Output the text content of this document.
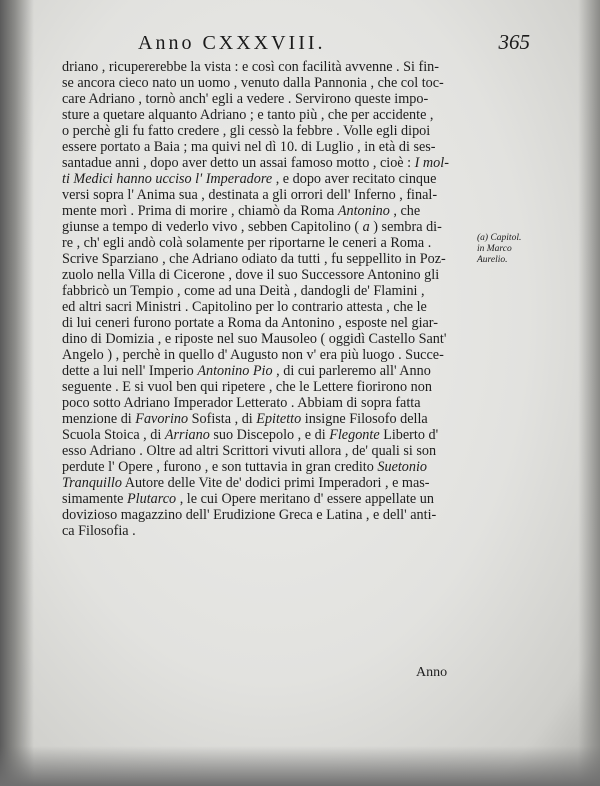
Anno CXXXVIII.	365
driano , ricupererebbe la vista : e così con facilità avvenne . Si fin-
se ancora cieco nato un uomo , venuto dalla Pannonia , che col toc-
care Adriano , tornò anch' egli a vedere . Servirono queste impo-
sture a quetare alquanto Adriano ; e tanto più , che per accidente ,
o perchè gli fu fatto credere , gli cessò la febbre . Volle egli dipoi
essere portato a Baia ; ma quivi nel dì 10. di Luglio , in età di ses-
santadue anni , dopo aver detto un assai famoso motto , cioè : I mol-
ti Medici hanno ucciso l' Imperadore , e dopo aver recitato cinque
versi sopra l' Anima sua , destinata a gli orrori dell' Inferno , final-
mente morì . Prima di morire , chiamò da Roma Antonino , che
giunse a tempo di vederlo vivo , sebben Capitolino ( a ) sembra di-
re , ch' egli andò colà solamente per riportarne le ceneri a Roma .
Scrive Sparziano , che Adriano odiato da tutti , fu seppellito in Poz-
zuolo nella Villa di Cicerone , dove il suo Successore Antonino gli
fabbricò un Tempio , come ad una Deità , dandogli de' Flamini ,
ed altri sacri Ministri . Capitolino per lo contrario attesta , che le
di lui ceneri furono portate a Roma da Antonino , esposte nel giar-
dino di Domizia , e riposte nel suo Mausoleo ( oggidì Castello Sant'
Angelo ) , perchè in quello d' Augusto non v' era più luogo . Succe-
dette a lui nell' Imperio Antonino Pio , di cui parleremo all' Anno
seguente . E si vuol ben qui ripetere , che le Lettere fiorirono non
poco sotto Adriano Imperador Letterato . Abbiam di sopra fatta
menzione di Favorino Sofista , di Epitetto insigne Filosofo della
Scuola Stoica , di Arriano suo Discepolo , e di Flegonte Liberto d'
esso Adriano . Oltre ad altri Scrittori vivuti allora , de' quali si son
perdute l' Opere , furono , e son tuttavia in gran credito Suetonio
Tranquillo Autore delle Vite de' dodici primi Imperadori , e mas-
simamente Plutarco , le cui Opere meritano d' essere appellate un
dovizioso magazzino dell' Erudizione Greca e Latina , e dell' anti-
ca Filosofia .
(a) Capitol.
in Marco
Aurelio.
Anno
